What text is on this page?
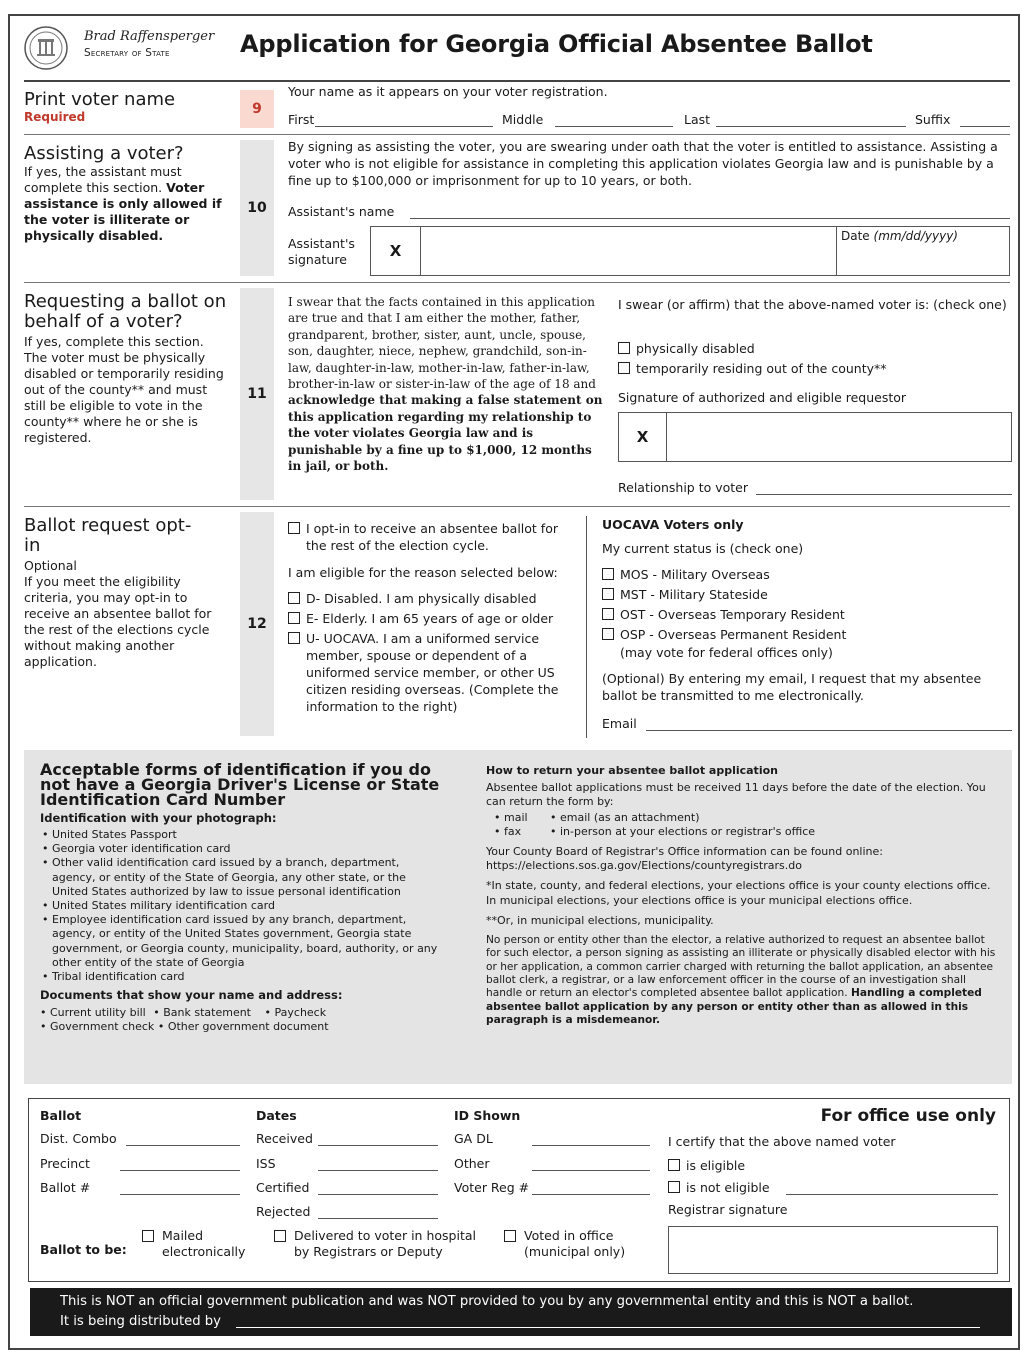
Brad Raffensperger
Secretary of State	Application for Georgia Official Absentee Ballot
Print voter name
Required	9
Your name as it appears on your voter registration.
First	Middle	Last	Suffix
Assisting a voter?
If yes, the assistant must complete this section. Voter assistance is only allowed if the voter is illiterate or physically disabled.
10
By signing as assisting the voter, you are swearing under oath that the voter is entitled to assistance. Assisting a voter who is not eligible for assistance in completing this application violates Georgia law and is punishable by a fine up to $100,000 or imprisonment for up to 10 years, or both.
Assistant's name
Assistant's signature	X
Date (mm/dd/yyyy)
Requesting a ballot on behalf of a voter?
If yes, complete this section. The voter must be physically disabled or temporarily residing out of the county** and must still be eligible to vote in the county** where he or she is registered.
11
I swear that the facts contained in this application are true and that I am either the mother, father, grandparent, brother, sister, aunt, uncle, spouse, son, daughter, niece, nephew, grandchild, son-in-law, daughter-in-law, mother-in-law, father-in-law, brother-in-law or sister-in-law of the age of 18 and acknowledge that making a false statement on this application regarding my relationship to the voter violates Georgia law and is punishable by a fine up to $1,000, 12 months in jail, or both.
I swear (or affirm) that the above-named voter is: (check one)
physically disabled
temporarily residing out of the county**
Signature of authorized and eligible requestor
X
Relationship to voter
Ballot request opt-in
Optional
If you meet the eligibility criteria, you may opt-in to receive an absentee ballot for the rest of the elections cycle without making another application.
12
I opt-in to receive an absentee ballot for the rest of the election cycle.
I am eligible for the reason selected below:
D- Disabled. I am physically disabled
E- Elderly. I am 65 years of age or older
U- UOCAVA. I am a uniformed service member, spouse or dependent of a uniformed service member, or other US citizen residing overseas. (Complete the information to the right)
UOCAVA Voters only
My current status is (check one)
MOS - Military Overseas
MST - Military Stateside
OST - Overseas Temporary Resident
OSP - Overseas Permanent Resident
(may vote for federal offices only)
(Optional) By entering my email, I request that my absentee ballot be transmitted to me electronically.
Email
Acceptable forms of identification if you do not have a Georgia Driver's License or State Identification Card Number
Identification with your photograph:
• United States Passport
• Georgia voter identification card
• Other valid identification card issued by a branch, department, agency, or entity of the State of Georgia, any other state, or the United States authorized by law to issue personal identification
• United States military identification card
• Employee identification card issued by any branch, department, agency, or entity of the United States government, Georgia state government, or Georgia county, municipality, board, authority, or any other entity of the state of Georgia
• Tribal identification card
Documents that show your name and address:
• Current utility bill • Bank statement • Paycheck
• Government check • Other government document
How to return your absentee ballot application
Absentee ballot applications must be received 11 days before the date of the election. You can return the form by:
• mail
• fax
• email (as an attachment)
• in-person at your elections or registrar's office
Your County Board of Registrar's Office information can be found online: https://elections.sos.ga.gov/Elections/countyregistrars.do
*In state, county, and federal elections, your elections office is your county elections office. In municipal elections, your elections office is your municipal elections office.
**Or, in municipal elections, municipality.
No person or entity other than the elector, a relative authorized to request an absentee ballot for such elector, a person signing as assisting an illiterate or physically disabled elector with his or her application, a common carrier charged with returning the ballot application, an absentee ballot clerk, a registrar, or a law enforcement officer in the course of an investigation shall handle or return an elector's completed absentee ballot application. Handling a completed absentee ballot application by any person or entity other than as allowed in this paragraph is a misdemeanor.
Ballot
Dist. Combo
Precinct
Ballot #
Dates
Received
ISS
Certified
Rejected
ID Shown
GA DL
Other
Voter Reg #
For office use only
I certify that the above named voter
is eligible
is not eligible
Registrar signature
Ballot to be:
Mailed electronically
Delivered to voter in hospital by Registrars or Deputy
Voted in office (municipal only)
This is NOT an official government publication and was NOT provided to you by any governmental entity and this is NOT a ballot.
It is being distributed by
